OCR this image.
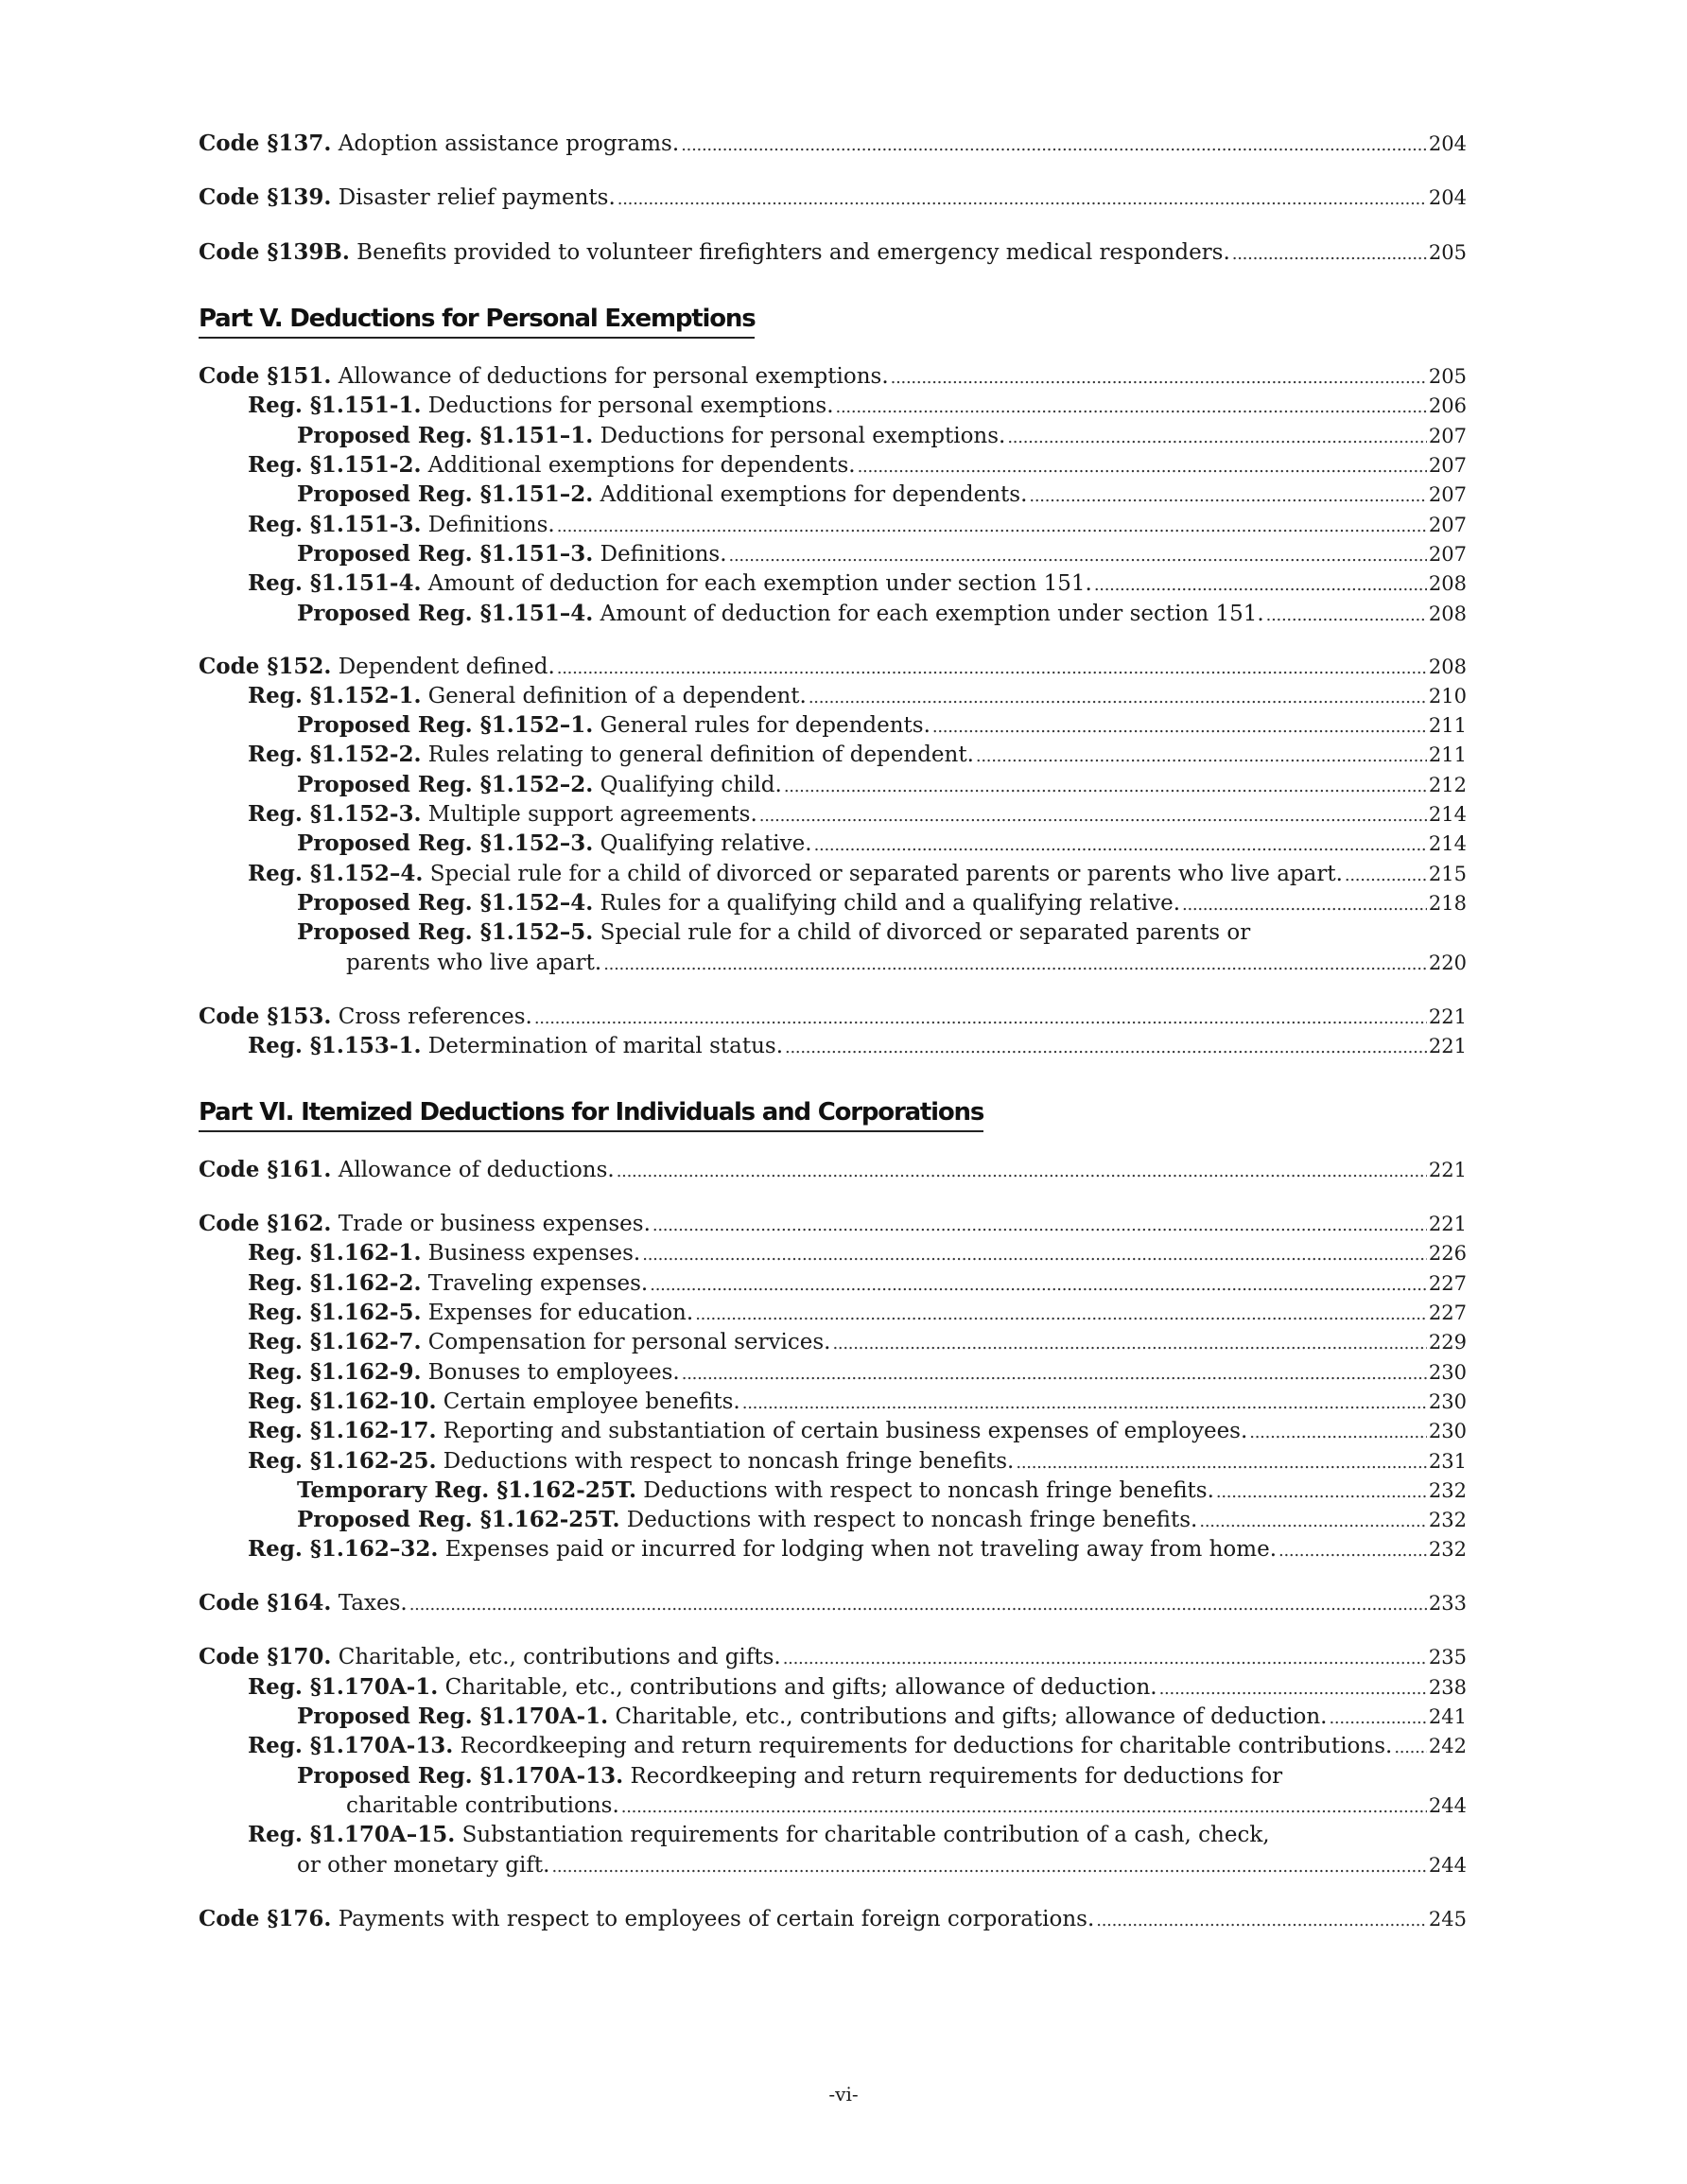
Code §137. Adoption assistance programs. . . .	204
Code §139. Disaster relief payments. . . .	204
Code §139B. Benefits provided to volunteer firefighters and emergency medical responders. . . .	205
Part V. Deductions for Personal Exemptions
Code §151. Allowance of deductions for personal exemptions. . . .	205
Reg. §1.151-1. Deductions for personal exemptions. . . .	206
Proposed Reg. §1.151–1. Deductions for personal exemptions. . . .	207
Reg. §1.151-2. Additional exemptions for dependents. . . .	207
Proposed Reg. §1.151–2. Additional exemptions for dependents. . . .	207
Reg. §1.151-3. Definitions. . . .	207
Proposed Reg. §1.151–3. Definitions. . . .	207
Reg. §1.151-4. Amount of deduction for each exemption under section 151. . . .	208
Proposed Reg. §1.151–4. Amount of deduction for each exemption under section 151. . . .	208
Code §152. Dependent defined. . . .	208
Reg. §1.152-1. General definition of a dependent. . . .	210
Proposed Reg. §1.152–1. General rules for dependents. . . .	211
Reg. §1.152-2. Rules relating to general definition of dependent. . . .	211
Proposed Reg. §1.152–2. Qualifying child. . . .	212
Reg. §1.152-3. Multiple support agreements. . . .	214
Proposed Reg. §1.152–3. Qualifying relative. . . .	214
Reg. §1.152–4. Special rule for a child of divorced or separated parents or parents who live apart. . . .	215
Proposed Reg. §1.152–4. Rules for a qualifying child and a qualifying relative. . . .	218
Proposed Reg. §1.152–5. Special rule for a child of divorced or separated parents or
parents who live apart. . . .	220
Code §153. Cross references. . . .	221
Reg. §1.153-1. Determination of marital status. . . .	221
Part VI. Itemized Deductions for Individuals and Corporations
Code §161. Allowance of deductions. . . .	221
Code §162. Trade or business expenses. . . .	221
Reg. §1.162-1. Business expenses. . . .	226
Reg. §1.162-2. Traveling expenses. . . .	227
Reg. §1.162-5. Expenses for education. . . .	227
Reg. §1.162-7. Compensation for personal services. . . .	229
Reg. §1.162-9. Bonuses to employees. . . .	230
Reg. §1.162-10. Certain employee benefits. . . .	230
Reg. §1.162-17. Reporting and substantiation of certain business expenses of employees. . . .	230
Reg. §1.162-25. Deductions with respect to noncash fringe benefits. . . .	231
Temporary Reg. §1.162-25T. Deductions with respect to noncash fringe benefits. . . .	232
Proposed Reg. §1.162-25T. Deductions with respect to noncash fringe benefits. . . .	232
Reg. §1.162–32. Expenses paid or incurred for lodging when not traveling away from home. . . .	232
Code §164. Taxes. . . .	233
Code §170. Charitable, etc., contributions and gifts. . . .	235
Reg. §1.170A-1. Charitable, etc., contributions and gifts; allowance of deduction. . . .	238
Proposed Reg. §1.170A-1. Charitable, etc., contributions and gifts; allowance of deduction. . . .	241
Reg. §1.170A-13. Recordkeeping and return requirements for deductions for charitable contributions. . . . 242
Proposed Reg. §1.170A-13. Recordkeeping and return requirements for deductions for
charitable contributions. . . .	244
Reg. §1.170A–15. Substantiation requirements for charitable contribution of a cash, check,
or other monetary gift. . . .	244
Code §176. Payments with respect to employees of certain foreign corporations. . . .	245
-vi-
